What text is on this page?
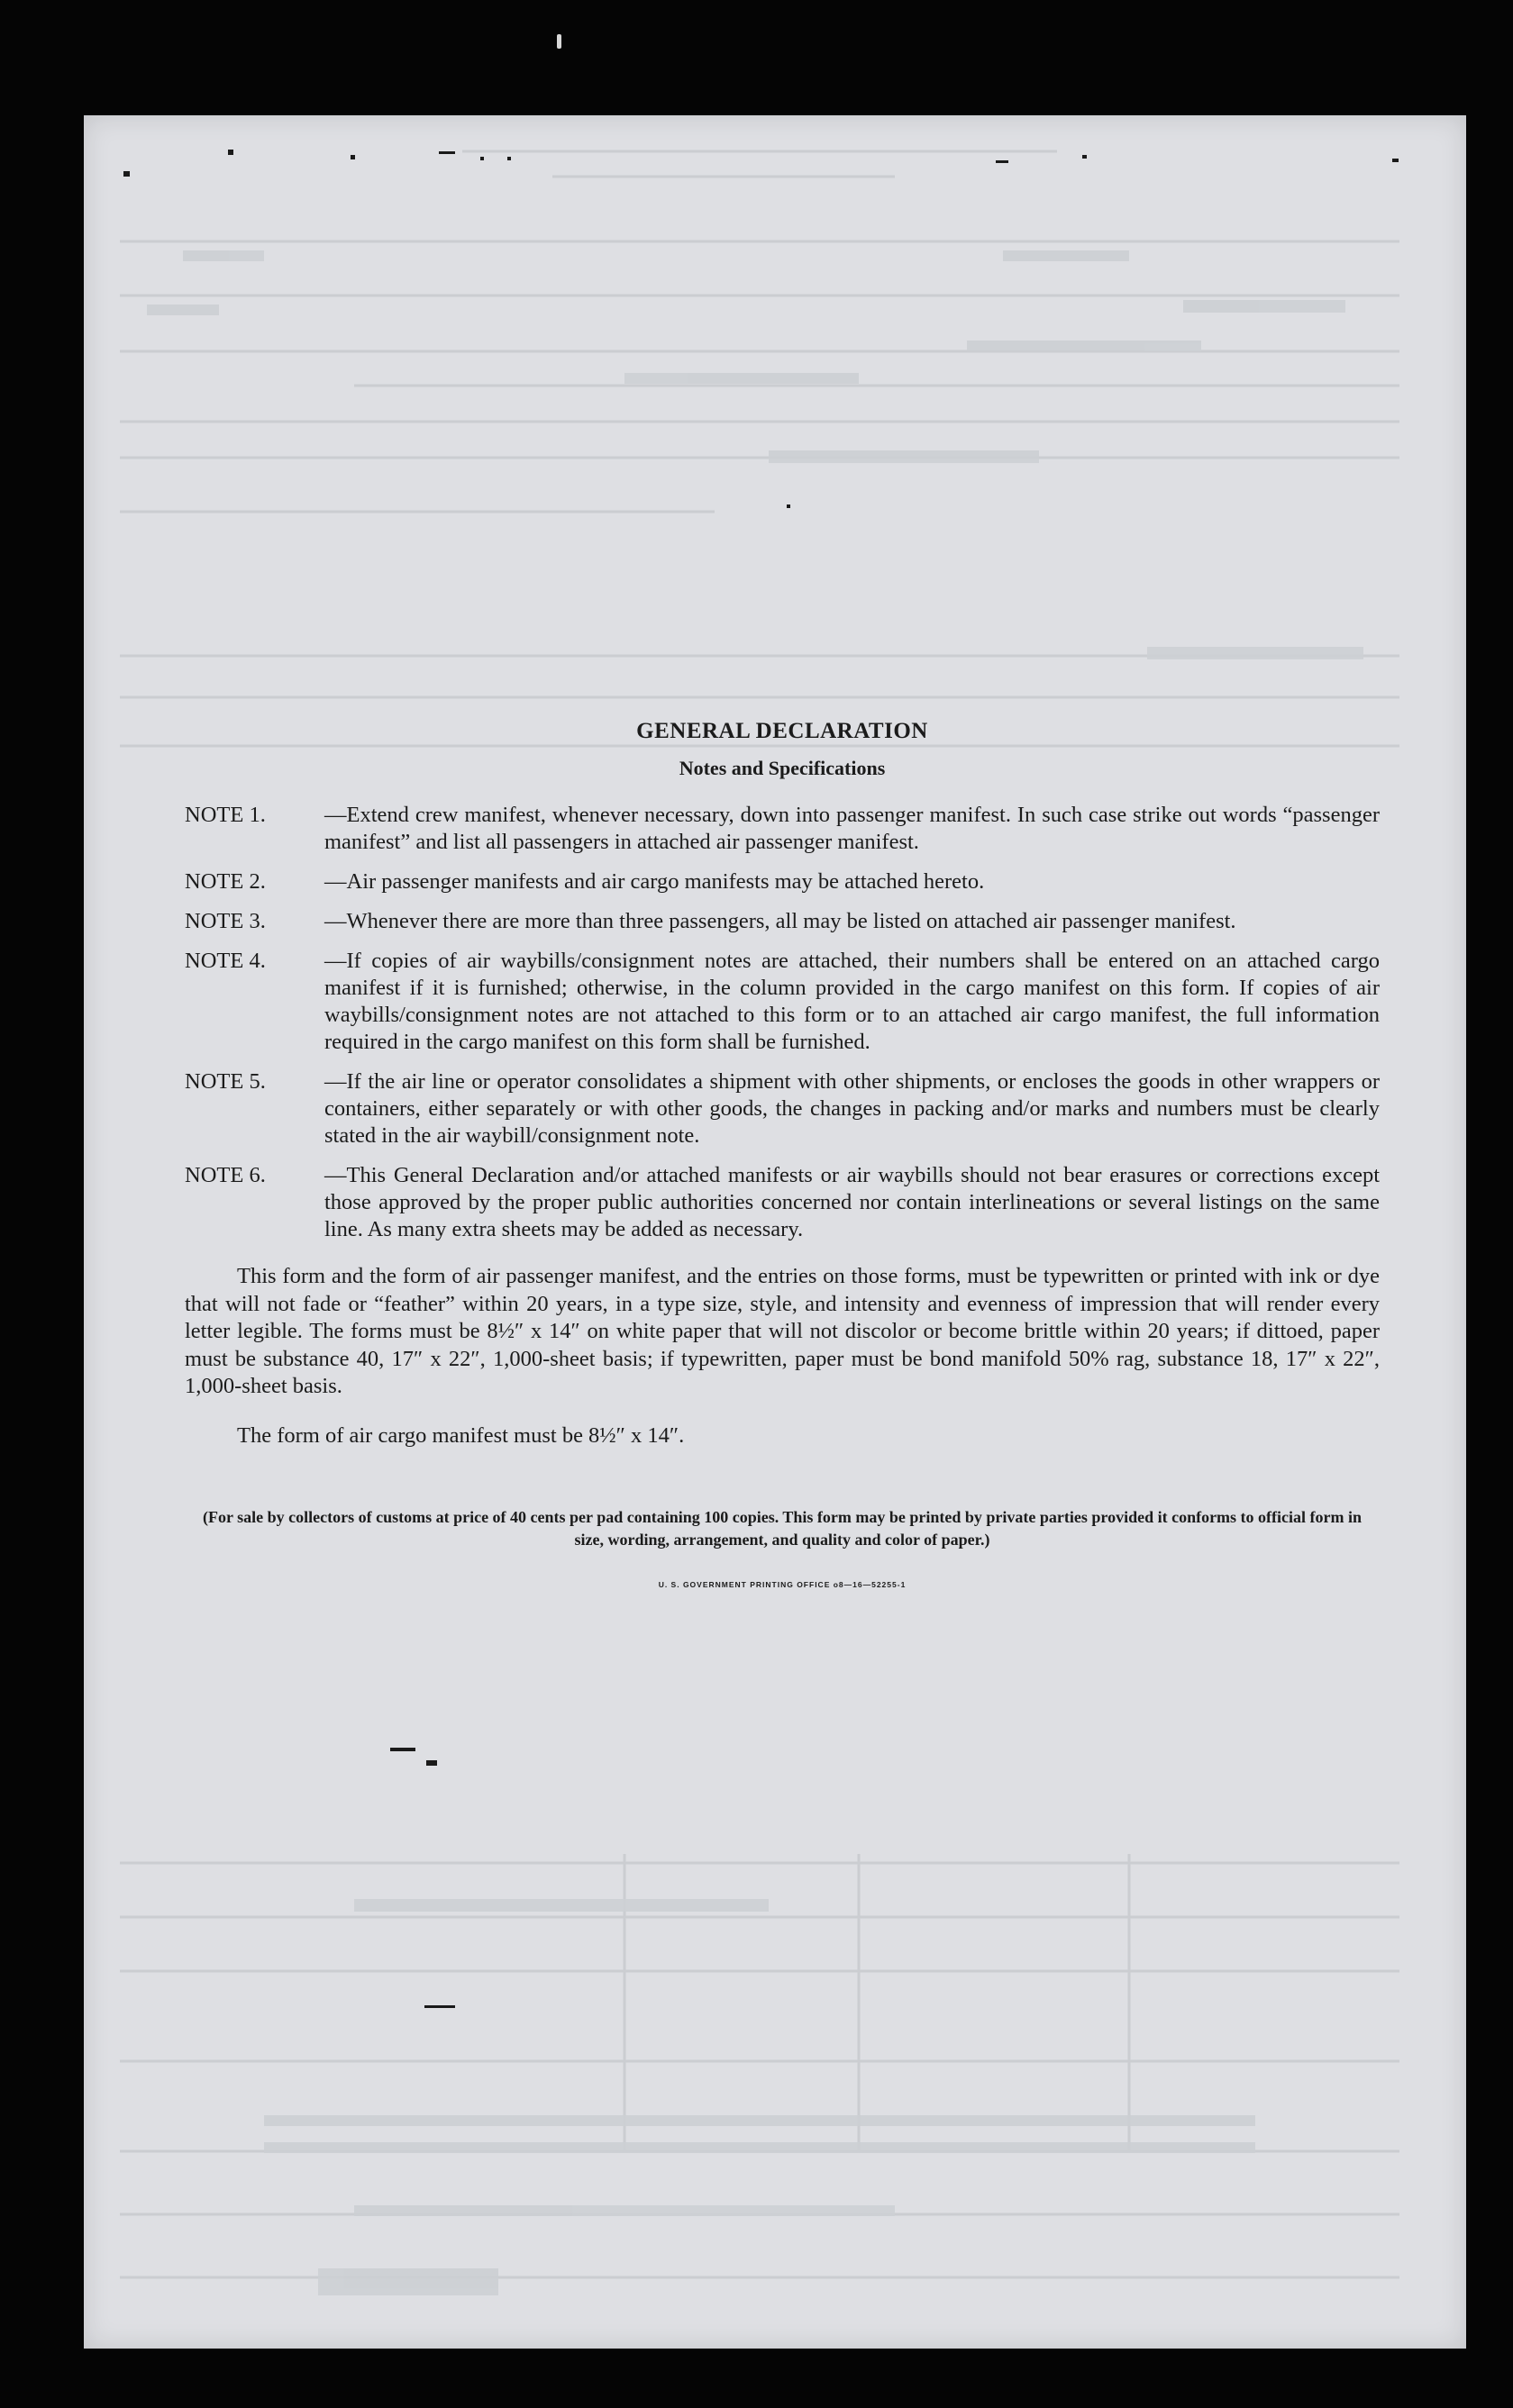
GENERAL DECLARATION

Notes and Specifications

NOTE 1.	—Extend crew manifest, whenever necessary, down into passenger manifest. In such case strike out words “passenger manifest” and list all passengers in attached air passenger manifest.
NOTE 2.	—Air passenger manifests and air cargo manifests may be attached hereto.
NOTE 3.	—Whenever there are more than three passengers, all may be listed on attached air passenger manifest.
NOTE 4.	—If copies of air waybills/consignment notes are attached, their numbers shall be entered on an attached cargo manifest if it is furnished; otherwise, in the column provided in the cargo manifest on this form. If copies of air waybills/consignment notes are not attached to this form or to an attached air cargo manifest, the full information required in the cargo manifest on this form shall be furnished.
NOTE 5.	—If the air line or operator consolidates a shipment with other shipments, or encloses the goods in other wrappers or containers, either separately or with other goods, the changes in packing and/or marks and numbers must be clearly stated in the air waybill/consignment note.
NOTE 6.	—This General Declaration and/or attached manifests or air waybills should not bear erasures or corrections except those approved by the proper public authorities concerned nor contain interlineations or several listings on the same line. As many extra sheets may be added as necessary.

This form and the form of air passenger manifest, and the entries on those forms, must be typewritten or printed with ink or dye that will not fade or “feather” within 20 years, in a type size, style, and intensity and evenness of impression that will render every letter legible. The forms must be 8½″ x 14″ on white paper that will not discolor or become brittle within 20 years; if dittoed, paper must be substance 40, 17″ x 22″, 1,000-sheet basis; if typewritten, paper must be bond manifold 50% rag, substance 18, 17″ x 22″, 1,000-sheet basis.

The form of air cargo manifest must be 8½″ x 14″.

(For sale by collectors of customs at price of 40 cents per pad containing 100 copies. This form may be printed by private parties provided it conforms to official form in size, wording, arrangement, and quality and color of paper.)

U. S. GOVERNMENT PRINTING OFFICE o8—16—52255-1
